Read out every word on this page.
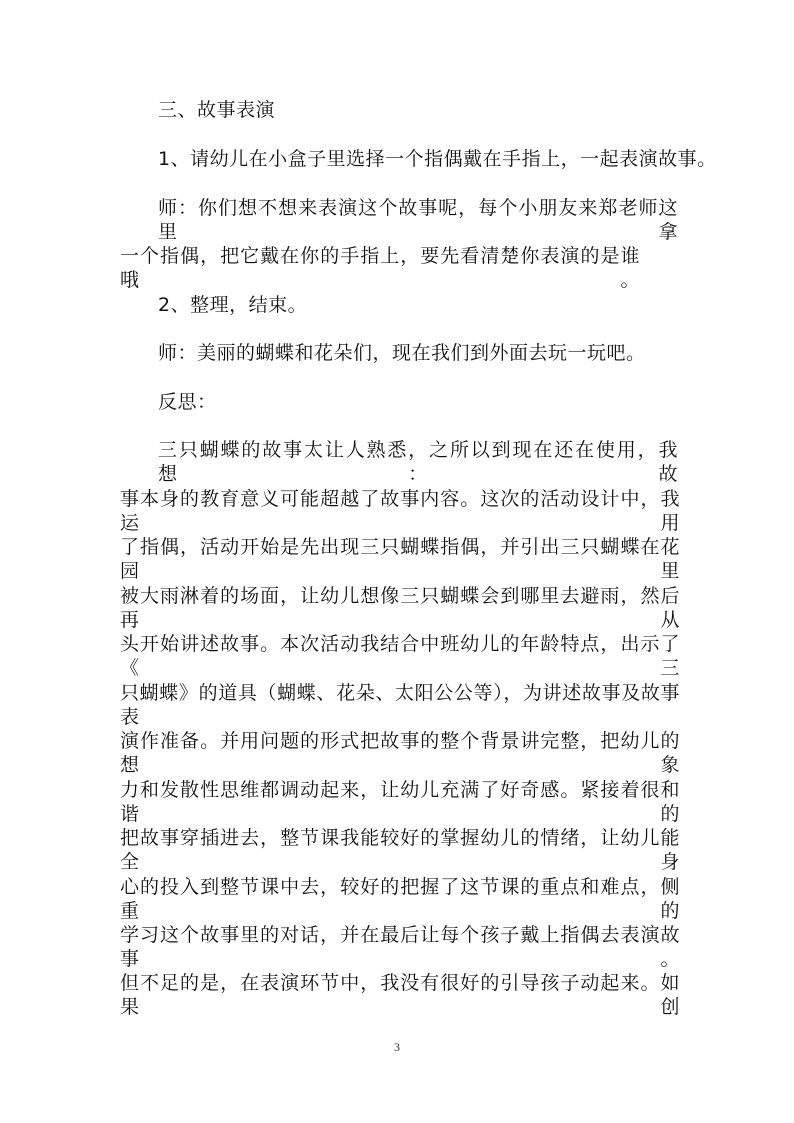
三、故事表演
1、请幼儿在小盒子里选择一个指偶戴在手指上，一起表演故事。
师：你们想不想来表演这个故事呢，每个小朋友来郑老师这里拿
一个指偶，把它戴在你的手指上，要先看清楚你表演的是谁哦。
2、整理，结束。
师：美丽的蝴蝶和花朵们，现在我们到外面去玩一玩吧。
反思：
三只蝴蝶的故事太让人熟悉，之所以到现在还在使用，我想：故
事本身的教育意义可能超越了故事内容。这次的活动设计中，我运用
了指偶，活动开始是先出现三只蝴蝶指偶，并引出三只蝴蝶在花园里
被大雨淋着的场面，让幼儿想像三只蝴蝶会到哪里去避雨，然后再从
头开始讲述故事。本次活动我结合中班幼儿的年龄特点，出示了《三
只蝴蝶》的道具（蝴蝶、花朵、太阳公公等），为讲述故事及故事表
演作准备。并用问题的形式把故事的整个背景讲完整，把幼儿的想象
力和发散性思维都调动起来，让幼儿充满了好奇感。紧接着很和谐的
把故事穿插进去，整节课我能较好的掌握幼儿的情绪，让幼儿能全身
心的投入到整节课中去，较好的把握了这节课的重点和难点，侧重的
学习这个故事里的对话，并在最后让每个孩子戴上指偶去表演故事。
但不足的是，在表演环节中，我没有很好的引导孩子动起来。如果创
3
